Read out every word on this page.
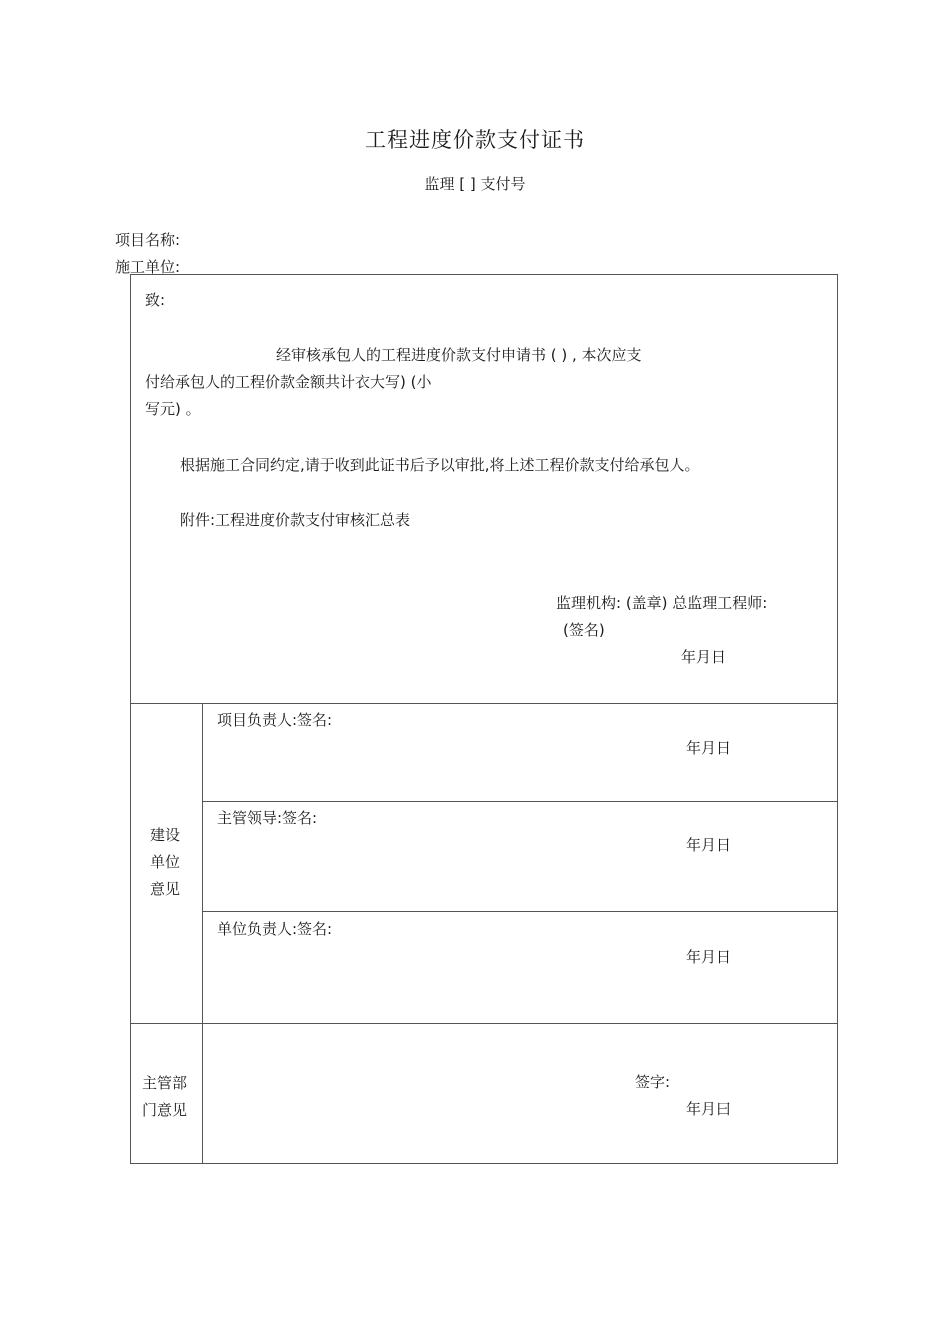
工程进度价款支付证书
监理 [ ] 支付号
项目名称:
施工单位:
致:
经审核承包人的工程进度价款支付申请书 ( ) , 本次应支
付给承包人的工程价款金额共计衣大写) (小
写元) 。
根据施工合同约定,请于收到此证书后予以审批,将上述工程价款支付给承包人。
附件:工程进度价款支付审核汇总表
监理机构: (盖章) 总监理工程师:
(签名)
年月日
建设
单位
意见
项目负责人:签名:
年月日
主管领导:签名:
年月日
单位负责人:签名:
年月日
主管部
门意见
签字:
年月曰
